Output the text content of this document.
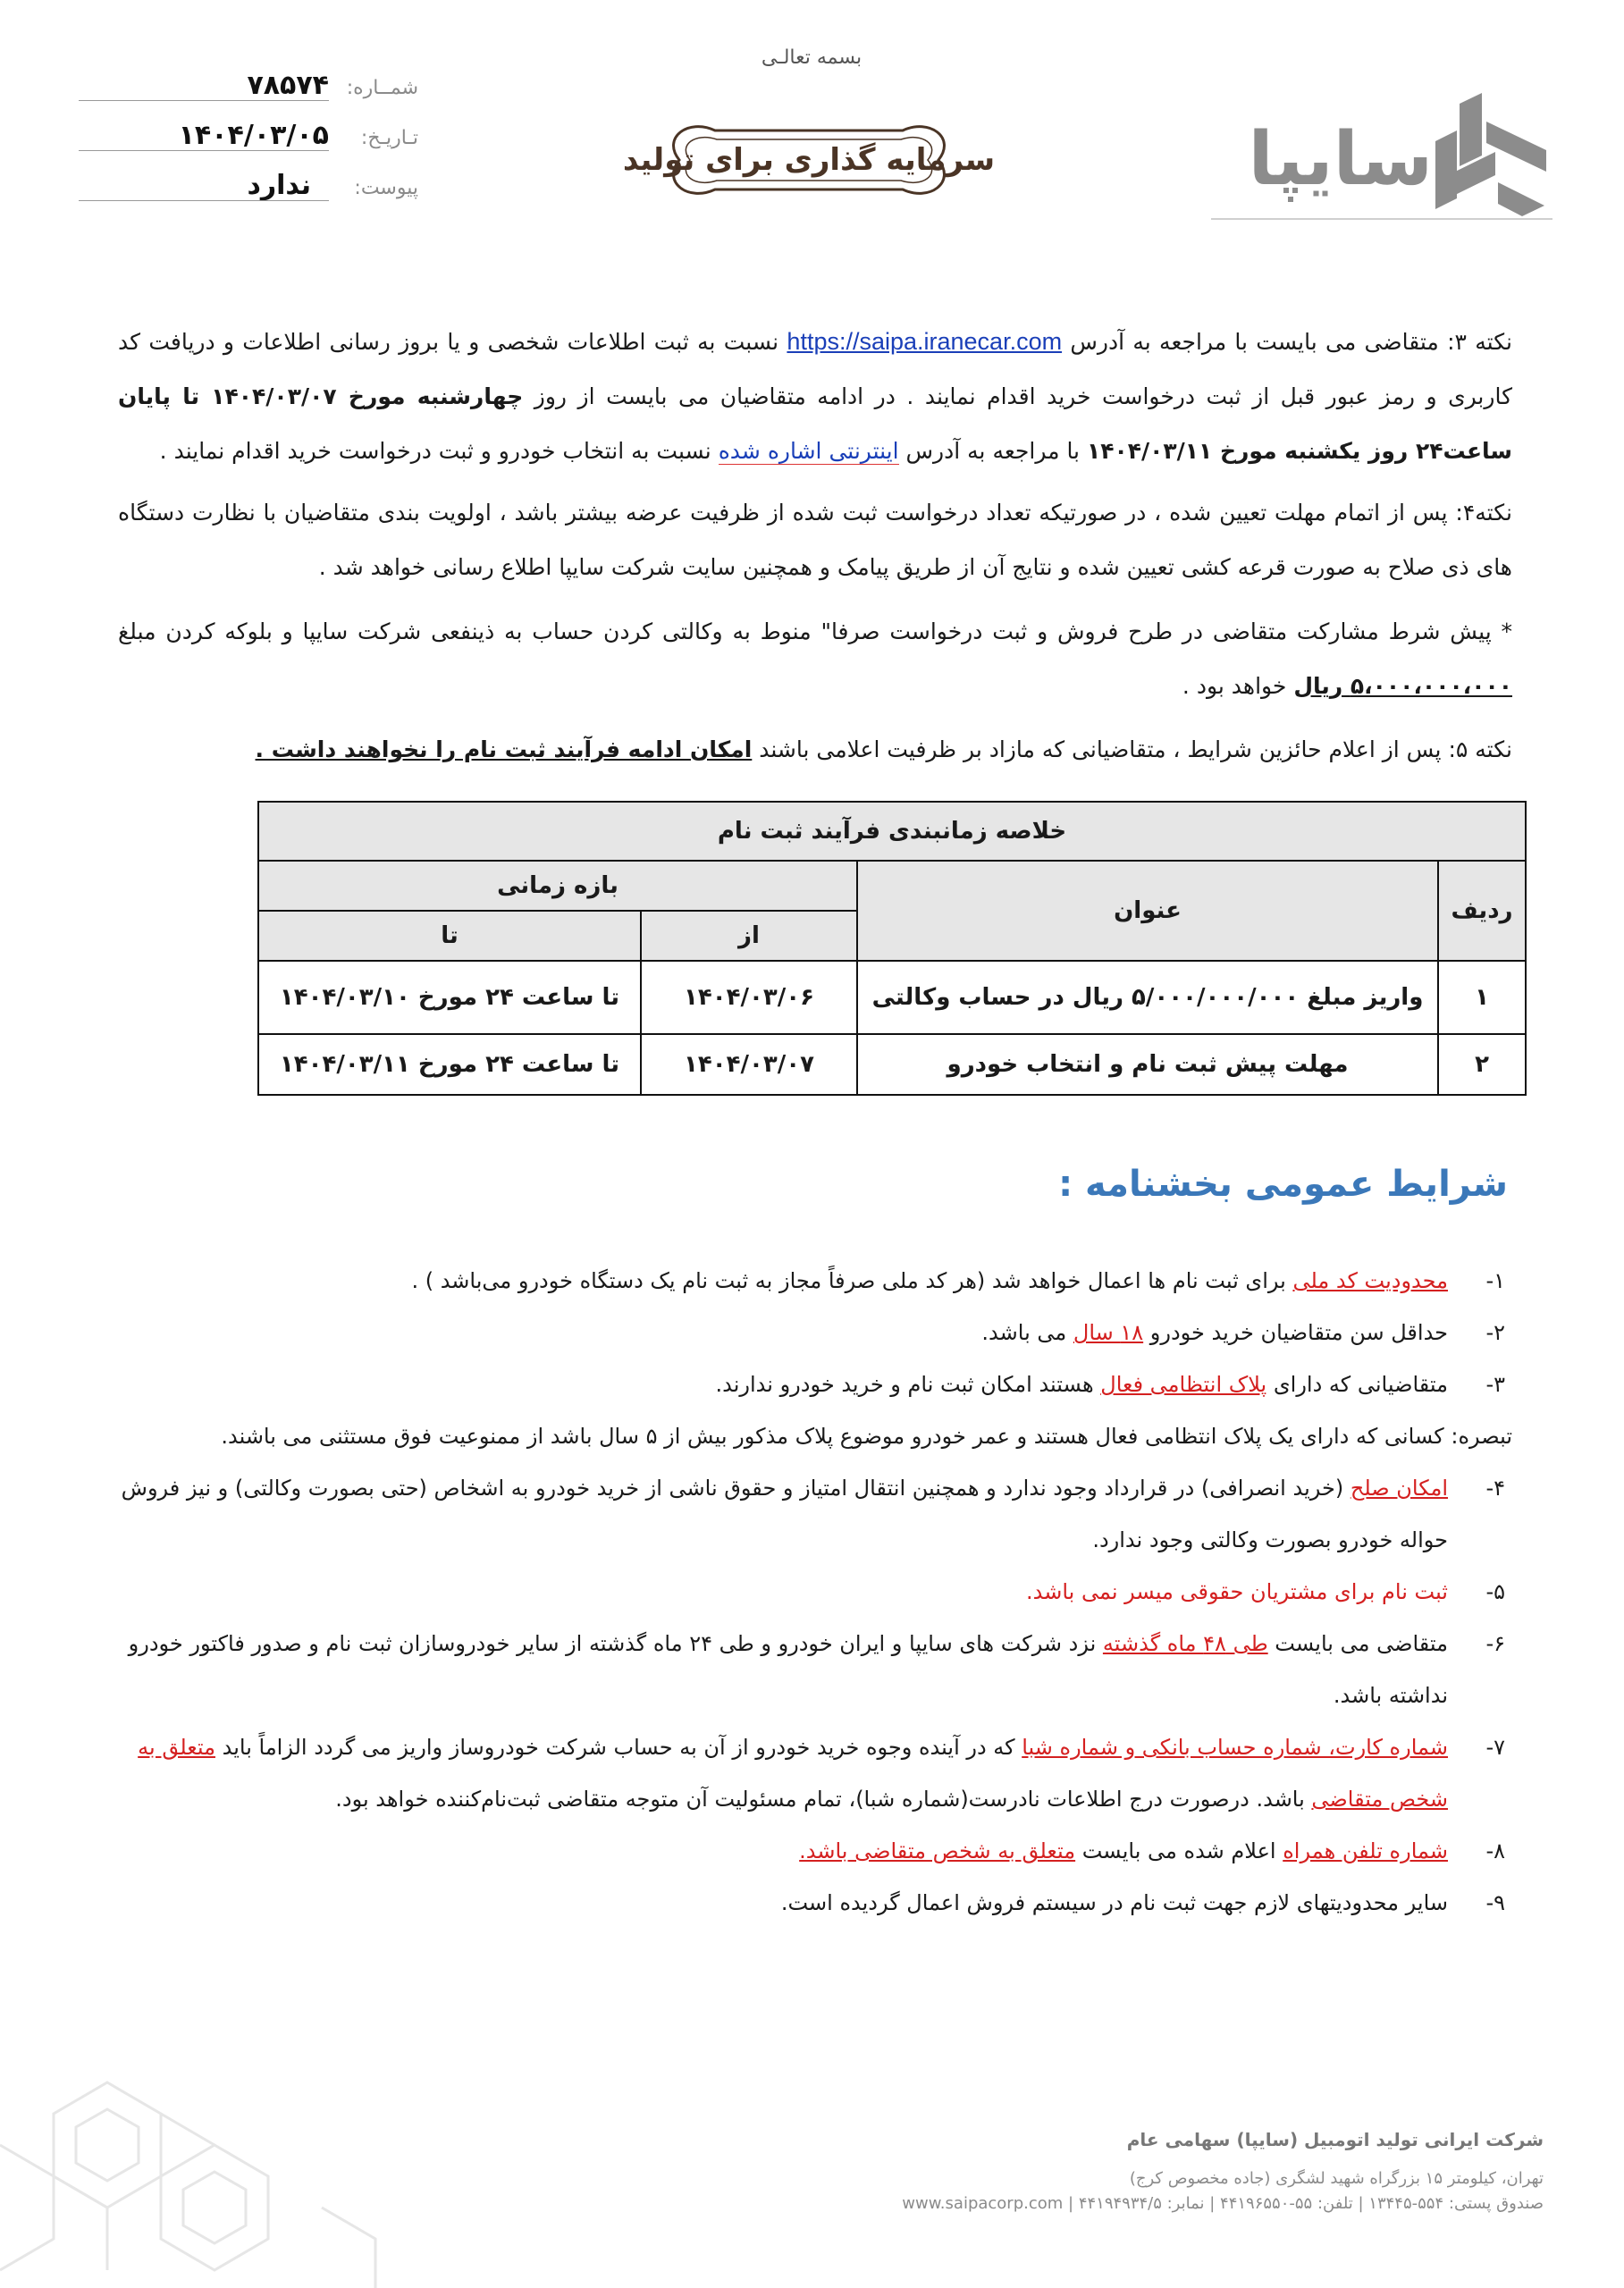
بسمه تعالـی
شمــاره:
۷۸۵۷۴
تـاریـخ:
۱۴۰۴/۰۳/۰۵
پیوست:
ندارد
سرمایه گذاری برای تولید	سایپا
نکته ۳: متقاضی می بایست با مراجعه به آدرس https://saipa.iranecar.com نسبت به ثبت اطلاعات شخصی و یا بروز رسانی اطلاعات و دریافت کد کاربری و رمز عبور قبل از ثبت درخواست خرید اقدام نمایند . در ادامه متقاضیان می بایست از روز چهارشنبه مورخ ۱۴۰۴/۰۳/۰۷ تا پایان ساعت۲۴ روز یکشنبه مورخ ۱۴۰۴/۰۳/۱۱ با مراجعه به آدرس اینترنتی اشاره شده نسبت به انتخاب خودرو و ثبت درخواست خرید اقدام نمایند .
نکته۴: پس از اتمام مهلت تعیین شده ، در صورتیکه تعداد درخواست ثبت شده از ظرفیت عرضه بیشتر باشد ، اولویت بندی متقاضیان با نظارت دستگاه های ذی صلاح به صورت قرعه کشی تعیین شده و نتایج آن از طریق پیامک و همچنین سایت شرکت سایپا اطلاع رسانی خواهد شد .
* پیش شرط مشارکت متقاضی در طرح فروش و ثبت درخواست صرفا" منوط به وکالتی کردن حساب به ذینفعی شرکت سایپا و بلوکه کردن مبلغ ۵،۰۰۰،۰۰۰،۰۰۰ ریال خواهد بود .
نکته ۵: پس از اعلام حائزین شرایط ، متقاضیانی که مازاد بر ظرفیت اعلامی باشند امکان ادامه فرآیند ثبت نام را نخواهند داشت .
خلاصه زمانبندی فرآیند ثبت نام			
ردیف	عنوان	بازه زمانی	
		از	تا
۱	واریز مبلغ ۵/۰۰۰/۰۰۰/۰۰۰ ریال در حساب وکالتی	۱۴۰۴/۰۳/۰۶	تا ساعت ۲۴ مورخ ۱۴۰۴/۰۳/۱۰
۲	مهلت پیش ثبت نام و انتخاب خودرو	۱۴۰۴/۰۳/۰۷	تا ساعت ۲۴ مورخ ۱۴۰۴/۰۳/۱۱
شرایط عمومی بخشنامه :
۱-
محدودیت کد ملی برای ثبت نام ها اعمال خواهد شد (هر کد ملی صرفاً مجاز به ثبت نام یک دستگاه خودرو می‌باشد ) .
۲-
حداقل سن متقاضیان خرید خودرو ۱۸ سال می باشد.
۳-
متقاضیانی که دارای پلاک انتظامی فعال هستند امکان ثبت نام و خرید خودرو ندارند.
تبصره: کسانی که دارای یک پلاک انتظامی فعال هستند و عمر خودرو موضوع پلاک مذکور بیش از ۵ سال باشد از ممنوعیت فوق مستثنی می باشند.
۴-
امکان صلح (خرید انصرافی) در قرارداد وجود ندارد و همچنین انتقال امتیاز و حقوق ناشی از خرید خودرو به اشخاص (حتی بصورت وکالتی) و نیز فروش حواله خودرو بصورت وکالتی وجود ندارد.
۵-
ثبت نام برای مشتریان حقوقی میسر نمی باشد.
۶-
متقاضی می بایست طی ۴۸ ماه گذشته نزد شرکت های سایپا و ایران خودرو و طی ۲۴ ماه گذشته از سایر خودروسازان ثبت نام و صدور فاکتور خودرو نداشته باشد.
۷-
شماره کارت، شماره حساب بانکی و شماره شبا که در آینده وجوه خرید خودرو از آن به حساب شرکت خودروساز واریز می گردد الزاماً باید متعلق به شخص متقاضی باشد. درصورت درج اطلاعات نادرست(شماره شبا)، تمام مسئولیت آن متوجه متقاضی ثبت‌نام‌کننده خواهد بود.
۸-
شماره تلفن همراه اعلام شده می بایست متعلق به شخص متقاضی باشد.
۹-
سایر محدودیتهای لازم جهت ثبت نام در سیستم فروش اعمال گردیده است.
شرکت ایرانی تولید اتومبیل (سایپا) سهامی عام
تهران، کیلومتر ۱۵ بزرگراه شهید لشگری (جاده مخصوص کرج)
صندوق پستی: ۵۵۴-۱۳۴۴۵ | تلفن: ۵۵-۴۴۱۹۶۵۵۰ | نمابر: ۴۴۱۹۴۹۳۴/۵ | www.saipacorp.com
